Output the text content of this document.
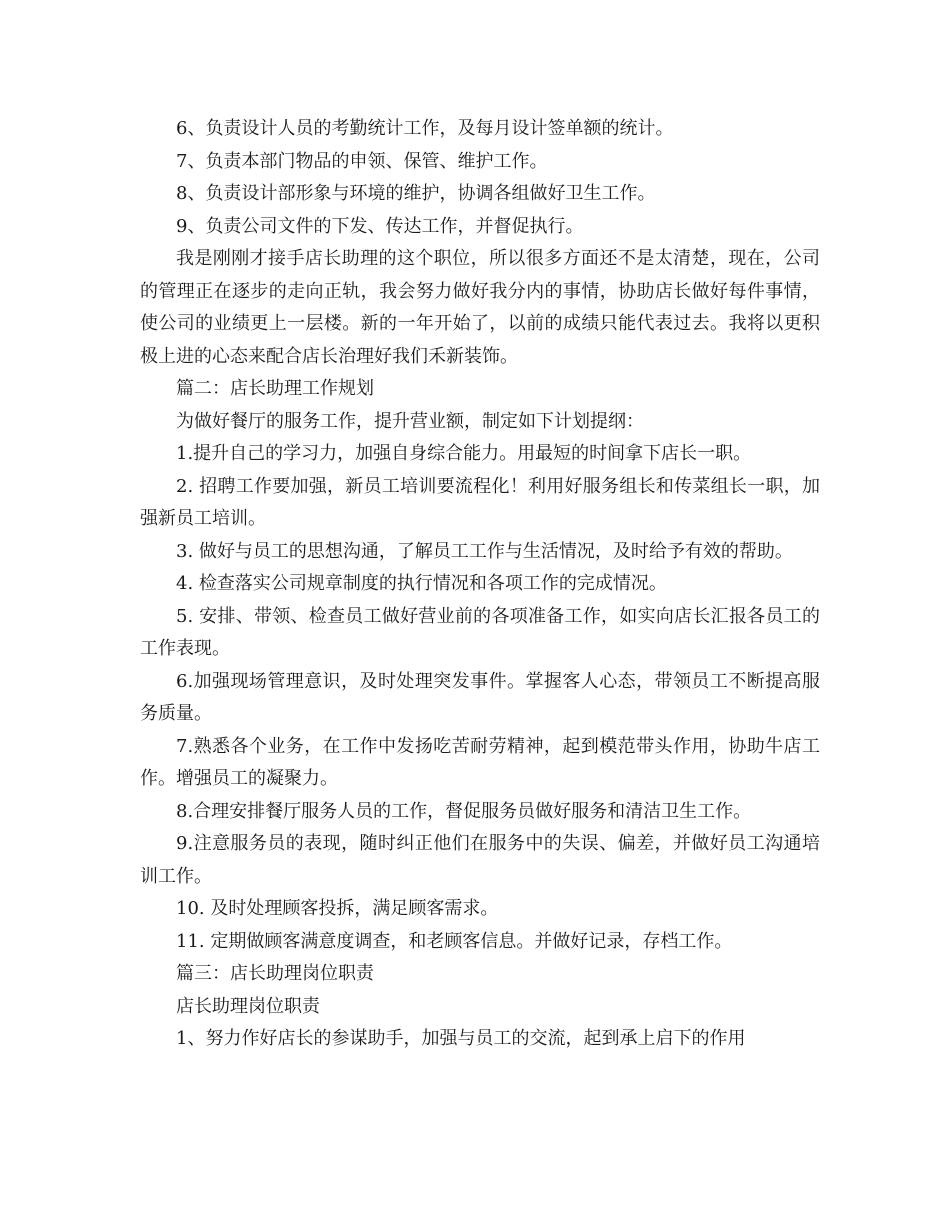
6、负责设计人员的考勤统计工作，及每月设计签单额的统计。

7、负责本部门物品的申领、保管、维护工作。

8、负责设计部形象与环境的维护，协调各组做好卫生工作。

9、负责公司文件的下发、传达工作，并督促执行。

我是刚刚才接手店长助理的这个职位，所以很多方面还不是太清楚，现在，公司的管理正在逐步的走向正轨，我会努力做好我分内的事情，协助店长做好每件事情，使公司的业绩更上一层楼。新的一年开始了，以前的成绩只能代表过去。我将以更积极上进的心态来配合店长治理好我们禾新装饰。

篇二：店长助理工作规划

为做好餐厅的服务工作，提升营业额，制定如下计划提纲：

1.提升自己的学习力，加强自身综合能力。用最短的时间拿下店长一职。

2. 招聘工作要加强，新员工培训要流程化！利用好服务组长和传菜组长一职，加强新员工培训。

3. 做好与员工的思想沟通，了解员工工作与生活情况，及时给予有效的帮助。

4. 检查落实公司规章制度的执行情况和各项工作的完成情况。

5. 安排、带领、检查员工做好营业前的各项准备工作，如实向店长汇报各员工的工作表现。

6.加强现场管理意识，及时处理突发事件。掌握客人心态，带领员工不断提高服务质量。

7.熟悉各个业务，在工作中发扬吃苦耐劳精神，起到模范带头作用，协助牛店工作。增强员工的凝聚力。

8.合理安排餐厅服务人员的工作，督促服务员做好服务和清洁卫生工作。

9.注意服务员的表现，随时纠正他们在服务中的失误、偏差，并做好员工沟通培训工作。

10. 及时处理顾客投拆，满足顾客需求。

11. 定期做顾客满意度调查，和老顾客信息。并做好记录，存档工作。

篇三：店长助理岗位职责

店长助理岗位职责

1、努力作好店长的参谋助手，加强与员工的交流，起到承上启下的作用
